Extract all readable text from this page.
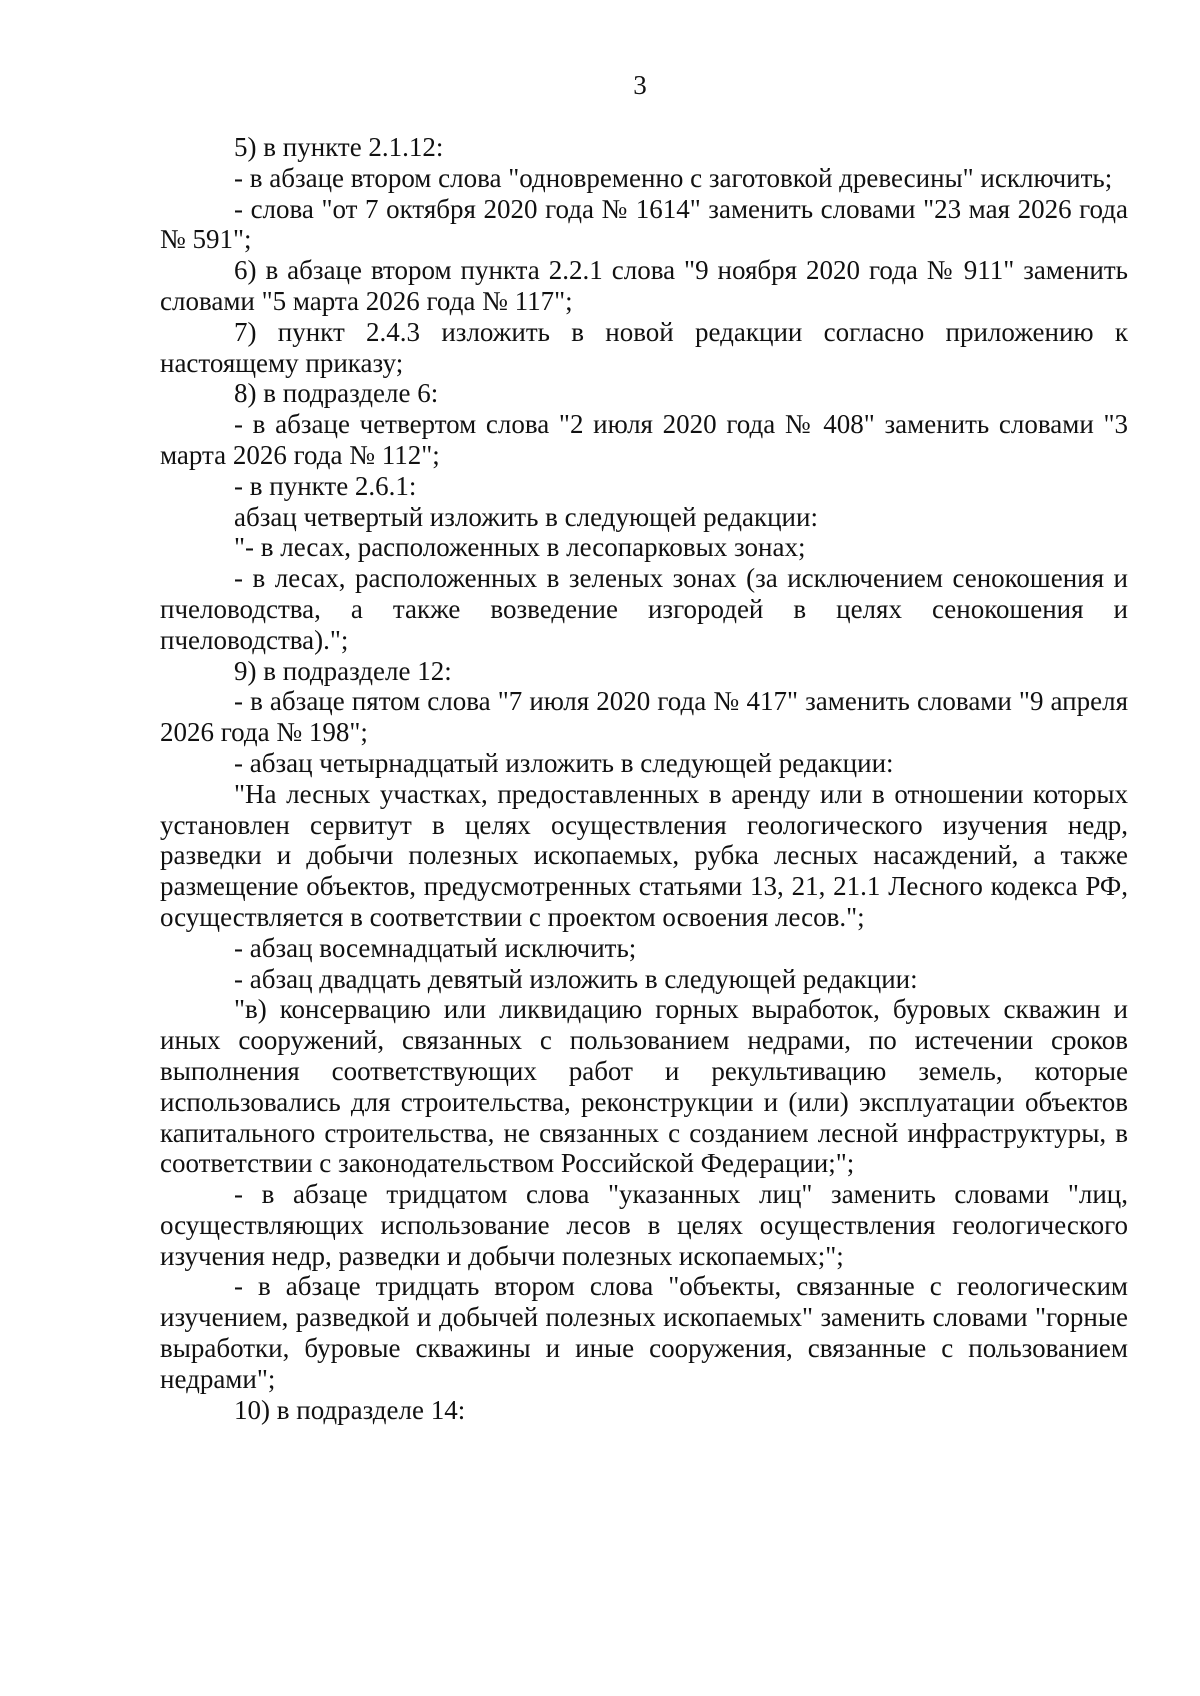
3

5) в пункте 2.1.12:

- в абзаце втором слова "одновременно с заготовкой древесины" исключить;

- слова "от 7 октября 2020 года № 1614" заменить словами "23 мая 2026 года № 591";

6) в абзаце втором пункта 2.2.1 слова "9 ноября 2020 года № 911" заменить словами "5 марта 2026 года № 117";

7) пункт 2.4.3 изложить в новой редакции согласно приложению к настоящему приказу;

8) в подразделе 6:

- в абзаце четвертом слова "2 июля 2020 года № 408" заменить словами "3 марта 2026 года № 112";

- в пункте 2.6.1:

абзац четвертый изложить в следующей редакции:

"- в лесах, расположенных в лесопарковых зонах;

- в лесах, расположенных в зеленых зонах (за исключением сенокошения и пчеловодства, а также возведение изгородей в целях сенокошения и пчеловодства).";

9) в подразделе 12:

- в абзаце пятом слова "7 июля 2020 года № 417" заменить словами "9 апреля 2026 года № 198";

- абзац четырнадцатый изложить в следующей редакции:

"На лесных участках, предоставленных в аренду или в отношении которых установлен сервитут в целях осуществления геологического изучения недр, разведки и добычи полезных ископаемых, рубка лесных насаждений, а также размещение объектов, предусмотренных статьями 13, 21, 21.1 Лесного кодекса РФ, осуществляется в соответствии с проектом освоения лесов.";

- абзац восемнадцатый исключить;

- абзац двадцать девятый изложить в следующей редакции:

"в) консервацию или ликвидацию горных выработок, буровых скважин и иных сооружений, связанных с пользованием недрами, по истечении сроков выполнения соответствующих работ и рекультивацию земель, которые использовались для строительства, реконструкции и (или) эксплуатации объектов капитального строительства, не связанных с созданием лесной инфраструктуры, в соответствии с законодательством Российской Федерации;";

- в абзаце тридцатом слова "указанных лиц" заменить словами "лиц, осуществляющих использование лесов в целях осуществления геологического изучения недр, разведки и добычи полезных ископаемых;";

- в абзаце тридцать втором слова "объекты, связанные с геологическим изучением, разведкой и добычей полезных ископаемых" заменить словами "горные выработки, буровые скважины и иные сооружения, связанные с пользованием недрами";

10) в подразделе 14:
